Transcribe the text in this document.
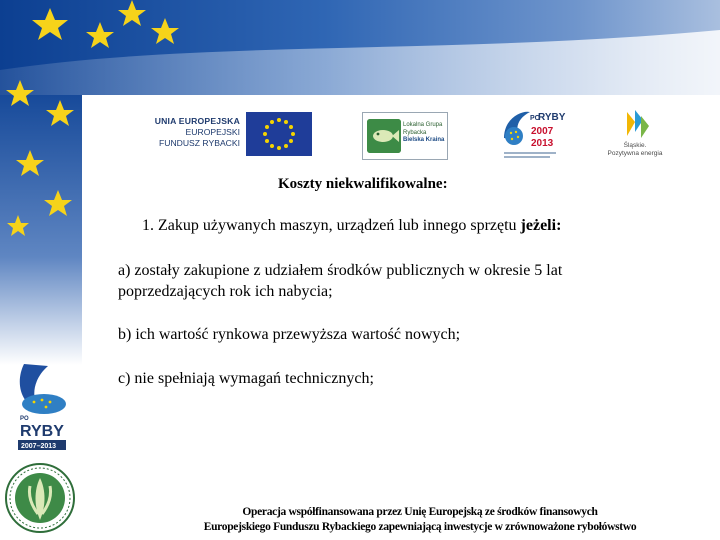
UNIA EUROPEJSKA
EUROPEJSKI
FUNDUSZ RYBACKI
Lokalna Grupa
Rybacka
Bielska Kraina
PO
RYBY
2007
2013	Śląskie.
Pozytywna energia
Koszty niekwalifikowalne:
1. Zakup używanych maszyn, urządzeń lub innego sprzętu jeżeli:
a) zostały zakupione z udziałem środków publicznych w okresie 5 lat poprzedzających rok ich nabycia;
b) ich wartość rynkowa przewyższa wartość nowych;
c) nie spełniają wymagań technicznych;
PO
RYBY
2007–2013
Operacja współfinansowana przez Unię Europejską ze środków finansowych
Europejskiego Funduszu Rybackiego zapewniającą inwestycje w zrównoważone rybołówstwo
